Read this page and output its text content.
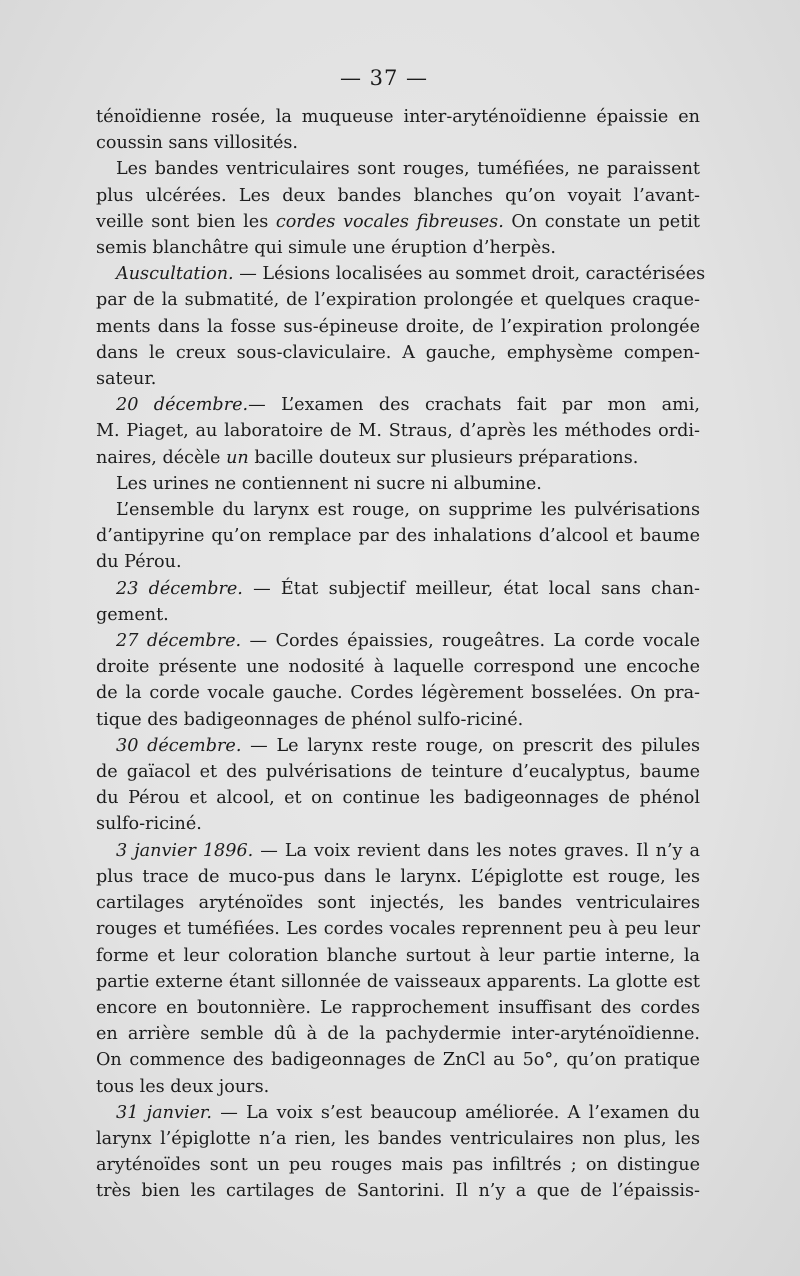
— 37 —
ténoïdienne rosée, la muqueuse inter-aryténoïdienne épaissie en
coussin sans villosités.
Les bandes ventriculaires sont rouges, tuméfiées, ne paraissent
plus ulcérées. Les deux bandes blanches qu’on voyait l’avant-
veille sont bien les cordes vocales fibreuses. On constate un petit
semis blanchâtre qui simule une éruption d’herpès.
Auscultation. — Lésions localisées au sommet droit, caractérisées
par de la submatité, de l’expiration prolongée et quelques craque-
ments dans la fosse sus-épineuse droite, de l’expiration prolongée
dans le creux sous-claviculaire. A gauche, emphysème compen-
sateur.
20 décembre.— L’examen des crachats fait par mon ami,
M. Piaget, au laboratoire de M. Straus, d’après les méthodes ordi-
naires, décèle un bacille douteux sur plusieurs préparations.
Les urines ne contiennent ni sucre ni albumine.
L’ensemble du larynx est rouge, on supprime les pulvérisations
d’antipyrine qu’on remplace par des inhalations d’alcool et baume
du Pérou.
23 décembre. — État subjectif meilleur, état local sans chan-
gement.
27 décembre. — Cordes épaissies, rougeâtres. La corde vocale
droite présente une nodosité à laquelle correspond une encoche
de la corde vocale gauche. Cordes légèrement bosselées. On pra-
tique des badigeonnages de phénol sulfo-riciné.
30 décembre. — Le larynx reste rouge, on prescrit des pilules
de gaïacol et des pulvérisations de teinture d’eucalyptus, baume
du Pérou et alcool, et on continue les badigeonnages de phénol
sulfo-riciné.
3 janvier 1896. — La voix revient dans les notes graves. Il n’y a
plus trace de muco-pus dans le larynx. L’épiglotte est rouge, les
cartilages aryténoïdes sont injectés, les bandes ventriculaires
rouges et tuméfiées. Les cordes vocales reprennent peu à peu leur
forme et leur coloration blanche surtout à leur partie interne, la
partie externe étant sillonnée de vaisseaux apparents. La glotte est
encore en boutonnière. Le rapprochement insuffisant des cordes
en arrière semble dû à de la pachydermie inter-aryténoïdienne.
On commence des badigeonnages de ZnCl au 5o°, qu’on pratique
tous les deux jours.
31 janvier. — La voix s’est beaucoup améliorée. A l’examen du
larynx l’épiglotte n’a rien, les bandes ventriculaires non plus, les
aryténoïdes sont un peu rouges mais pas infiltrés ; on distingue
très bien les cartilages de Santorini. Il n’y a que de l’épaissis-
